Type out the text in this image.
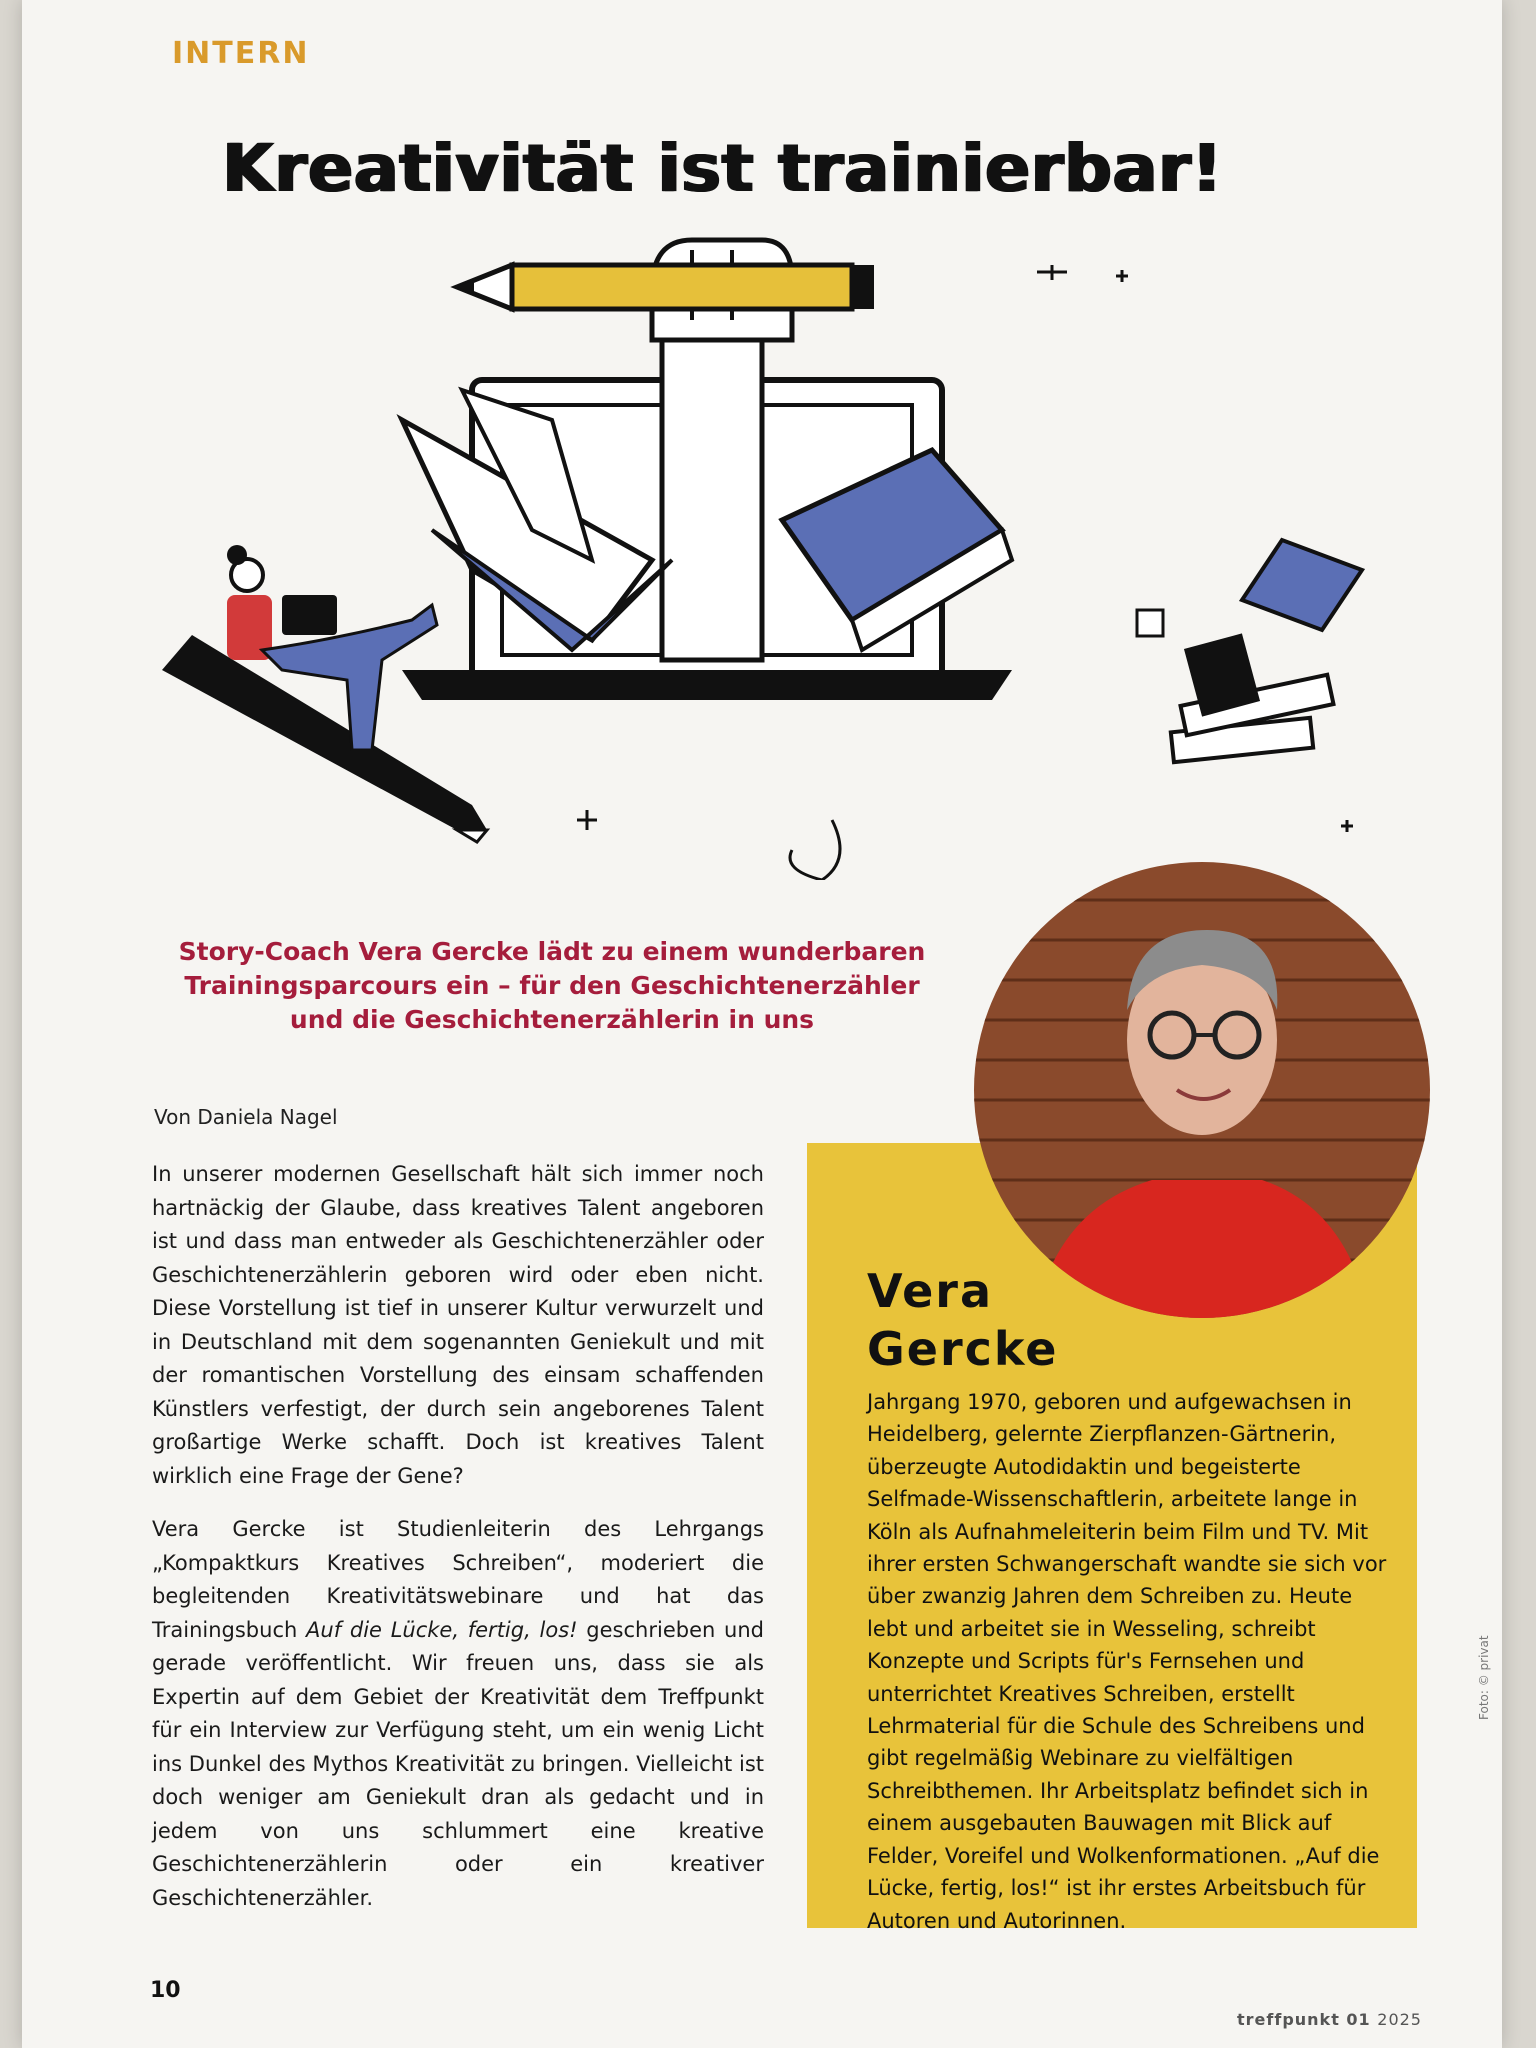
INTERN
Kreativität ist trainierbar!
Story-Coach Vera Gercke lädt zu einem wunderbaren Trainingsparcours ein – für den Geschichtenerzähler und die Geschichtenerzählerin in uns
Von Daniela Nagel

In unserer modernen Gesellschaft hält sich immer noch hartnäckig der Glaube, dass kreatives Talent angeboren ist und dass man entweder als Geschichtenerzähler oder Geschichtenerzählerin geboren wird oder eben nicht. Diese Vorstellung ist tief in unserer Kultur verwurzelt und in Deutschland mit dem sogenannten Geniekult und mit der romantischen Vorstellung des einsam schaffenden Künstlers verfestigt, der durch sein angeborenes Talent großartige Werke schafft. Doch ist kreatives Talent wirklich eine Frage der Gene?

Vera Gercke ist Studienleiterin des Lehrgangs „Kompaktkurs Kreatives Schreiben“, moderiert die begleitenden Kreativitätswebinare und hat das Trainingsbuch Auf die Lücke, fertig, los! geschrieben und gerade veröffentlicht. Wir freuen uns, dass sie als Expertin auf dem Gebiet der Kreativität dem Treffpunkt für ein Interview zur Verfügung steht, um ein wenig Licht ins Dunkel des Mythos Kreativität zu bringen. Vielleicht ist doch weniger am Geniekult dran als gedacht und in jedem von uns schlummert eine kreative Geschichtenerzählerin oder ein kreativer Geschichtenerzähler.

Vera
Gercke
Jahrgang 1970, geboren und aufgewachsen in Heidelberg, gelernte Zierpflanzen-Gärtnerin, überzeugte Autodidaktin und begeisterte Selfmade-Wissenschaftlerin, arbeitete lange in Köln als Aufnahmeleiterin beim Film und TV. Mit ihrer ersten Schwangerschaft wandte sie sich vor über zwanzig Jahren dem Schreiben zu. Heute lebt und arbeitet sie in Wesseling, schreibt Konzepte und Scripts für's Fernsehen und unterrichtet Kreatives Schreiben, erstellt Lehrmaterial für die Schule des Schreibens und gibt regelmäßig Webinare zu vielfältigen Schreibthemen. Ihr Arbeitsplatz befindet sich in einem ausgebauten Bauwagen mit Blick auf Felder, Voreifel und Wolkenformationen. „Auf die Lücke, fertig, los!“ ist ihr erstes Arbeitsbuch für Autoren und Autorinnen.
10
treffpunkt 01 2025
Foto: © privat
